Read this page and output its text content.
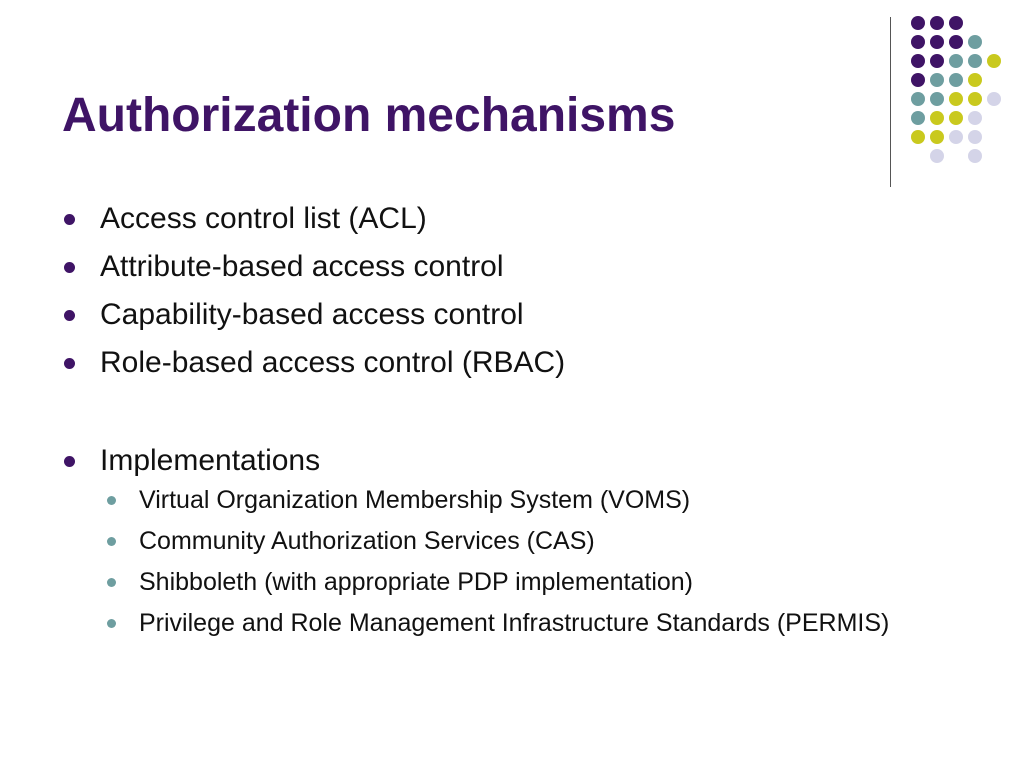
Authorization mechanisms
Access control list (ACL)
Attribute-based access control
Capability-based access control
Role-based access control (RBAC)
Implementations
Virtual Organization Membership System (VOMS)
Community Authorization Services (CAS)
Shibboleth (with appropriate PDP implementation)
Privilege and Role Management Infrastructure Standards (PERMIS)
